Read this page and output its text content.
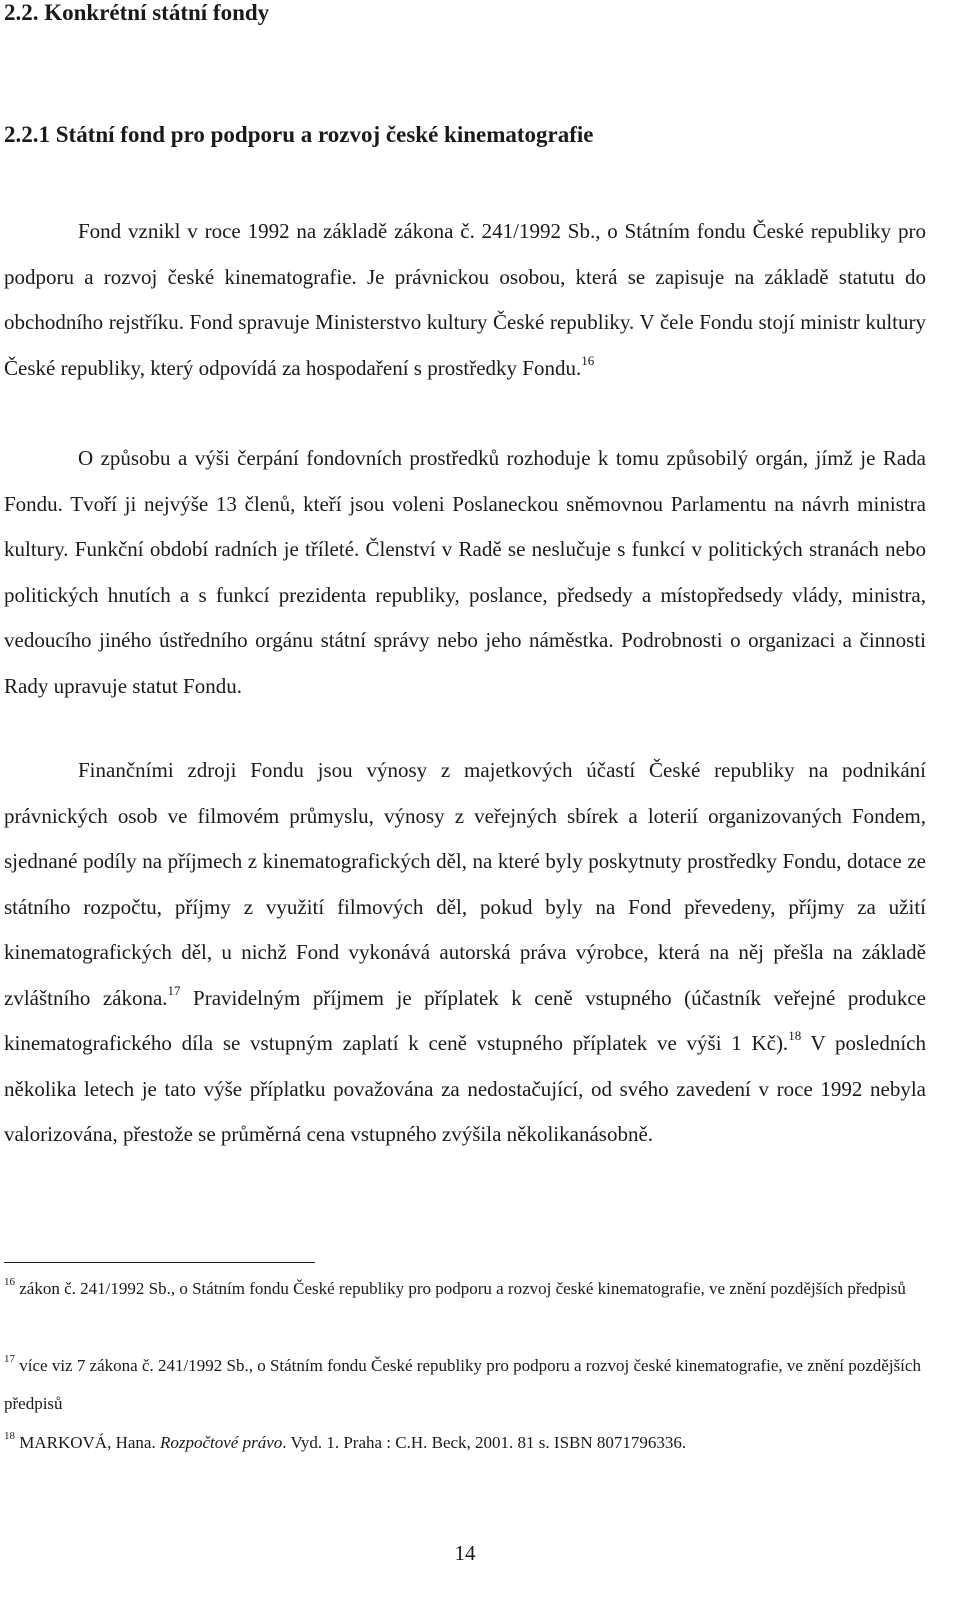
2.2. Konkrétní státní fondy
2.2.1 Státní fond pro podporu a rozvoj české kinematografie
Fond vznikl v roce 1992 na základě zákona č. 241/1992 Sb., o Státním fondu České republiky pro podporu a rozvoj české kinematografie. Je právnickou osobou, která se zapisuje na základě statutu do obchodního rejstříku. Fond spravuje Ministerstvo kultury České republiky. V čele Fondu stojí ministr kultury České republiky, který odpovídá za hospodaření s prostředky Fondu.$^{16}$
O způsobu a výši čerpání fondovních prostředků rozhoduje k tomu způsobilý orgán, jímž je Rada Fondu. Tvoří ji nejvýše 13 členů, kteří jsou voleni Poslaneckou sněmovnou Parlamentu na návrh ministra kultury. Funkční období radních je tříleté. Členství v Radě se neslučuje s funkcí v politických stranách nebo politických hnutích a s funkcí prezidenta republiky, poslance, předsedy a místopředsedy vlády, ministra, vedoucího jiného ústředního orgánu státní správy nebo jeho náměstka. Podrobnosti o organizaci a činnosti Rady upravuje statut Fondu.
Finančními zdroji Fondu jsou výnosy z majetkových účastí České republiky na podnikání právnických osob ve filmovém průmyslu, výnosy z veřejných sbírek a loterií organizovaných Fondem, sjednané podíly na příjmech z kinematografických děl, na které byly poskytnuty prostředky Fondu, dotace ze státního rozpočtu, příjmy z využití filmových děl, pokud byly na Fond převedeny, příjmy za užití kinematografických děl, u nichž Fond vykonává autorská práva výrobce, která na něj přešla na základě zvláštního zákona.$^{17}$ Pravidelným příjmem je příplatek k ceně vstupného (účastník veřejné produkce kinematografického díla se vstupným zaplatí k ceně vstupného příplatek ve výši 1 Kč).$^{18}$ V posledních několika letech je tato výše příplatku považována za nedostačující, od svého zavedení v roce 1992 nebyla valorizována, přestože se průměrná cena vstupného zvýšila několikanásobně.
$^{16}$ zákon č. 241/1992 Sb., o Státním fondu České republiky pro podporu a rozvoj české kinematografie, ve znění pozdějších předpisů
$^{17}$ více viz 7 zákona č. 241/1992 Sb., o Státním fondu České republiky pro podporu a rozvoj české kinematografie, ve znění pozdějších předpisů
$^{18}$ MARKOVÁ, Hana. Rozpočtové právo. Vyd. 1. Praha : C.H. Beck, 2001. 81 s. ISBN 8071796336.
14
